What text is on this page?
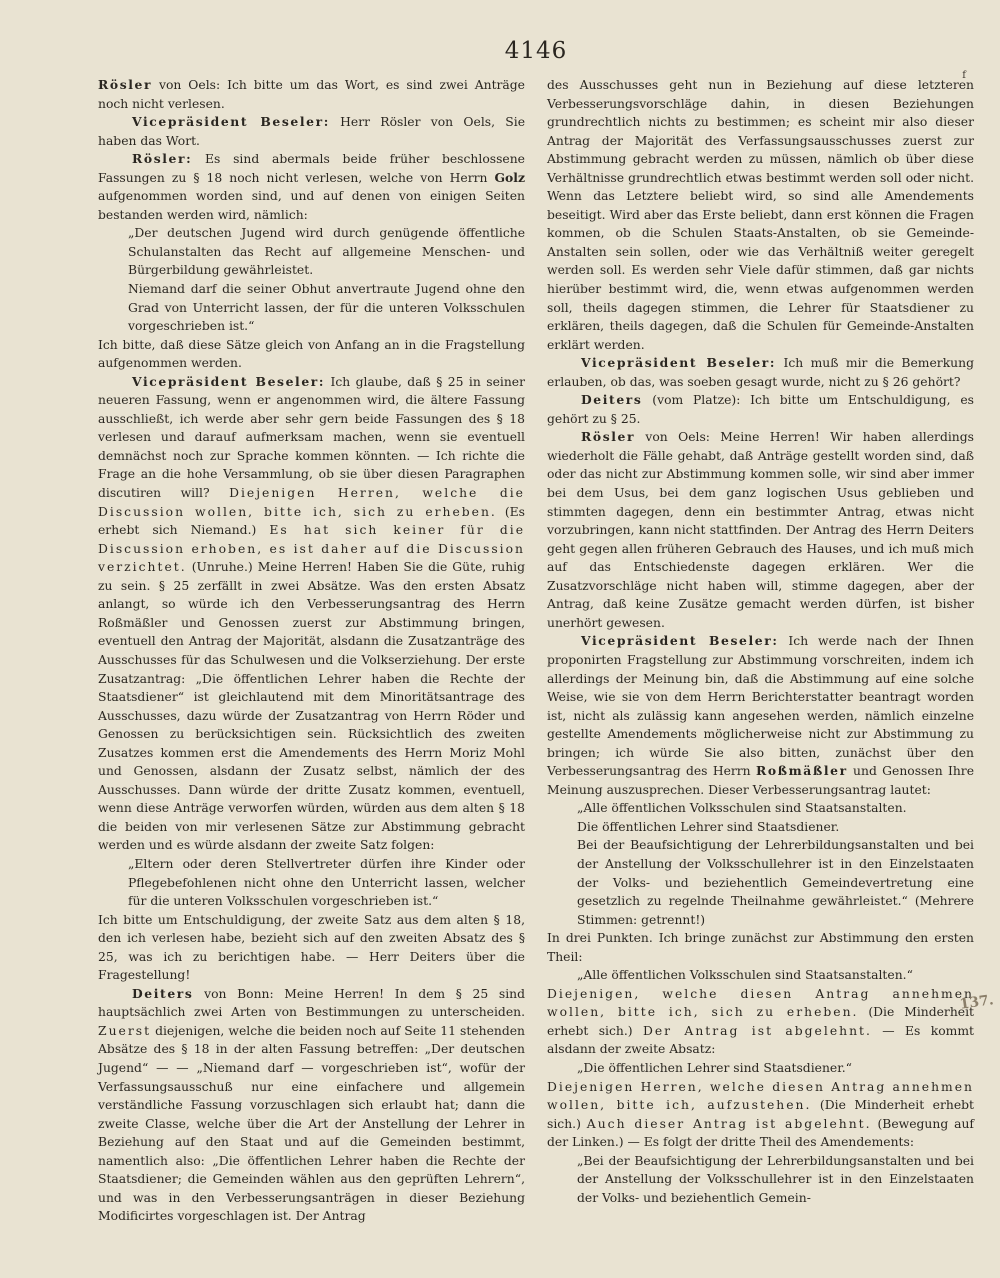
4146
f

Rösler von Oels: Ich bitte um das Wort, es sind zwei Anträge noch nicht verlesen.

Vicepräsident Beseler: Herr Rösler von Oels, Sie haben das Wort.

Rösler: Es sind abermals beide früher beschlossene Fassungen zu § 18 noch nicht verlesen, welche von Herrn Golz aufgenommen worden sind, und auf denen von einigen Seiten bestanden werden wird, nämlich:

„Der deutschen Jugend wird durch genügende öffentliche Schulanstalten das Recht auf allgemeine Menschen- und Bürgerbildung gewährleistet.

Niemand darf die seiner Obhut anvertraute Jugend ohne den Grad von Unterricht lassen, der für die unteren Volksschulen vorgeschrieben ist.“

Ich bitte, daß diese Sätze gleich von Anfang an in die Fragstellung aufgenommen werden.

Vicepräsident Beseler: Ich glaube, daß § 25 in seiner neueren Fassung, wenn er angenommen wird, die ältere Fassung ausschließt, ich werde aber sehr gern beide Fassungen des § 18 verlesen und darauf aufmerksam machen, wenn sie eventuell demnächst noch zur Sprache kommen könnten. — Ich richte die Frage an die hohe Versammlung, ob sie über diesen Paragraphen discutiren will? Diejenigen Herren, welche die Discussion wollen, bitte ich, sich zu erheben. (Es erhebt sich Niemand.) Es hat sich keiner für die Discussion erhoben, es ist daher auf die Discussion verzichtet. (Unruhe.) Meine Herren! Haben Sie die Güte, ruhig zu sein. § 25 zerfällt in zwei Absätze. Was den ersten Absatz anlangt, so würde ich den Verbesserungsantrag des Herrn Roßmäßler und Genossen zuerst zur Abstimmung bringen, eventuell den Antrag der Majorität, alsdann die Zusatzanträge des Ausschusses für das Schulwesen und die Volkserziehung. Der erste Zusatzantrag: „Die öffentlichen Lehrer haben die Rechte der Staatsdiener“ ist gleichlautend mit dem Minoritätsantrage des Ausschusses, dazu würde der Zusatzantrag von Herrn Röder und Genossen zu berücksichtigen sein. Rücksichtlich des zweiten Zusatzes kommen erst die Amendements des Herrn Moriz Mohl und Genossen, alsdann der Zusatz selbst, nämlich der des Ausschusses. Dann würde der dritte Zusatz kommen, eventuell, wenn diese Anträge verworfen würden, würden aus dem alten § 18 die beiden von mir verlesenen Sätze zur Abstimmung gebracht werden und es würde alsdann der zweite Satz folgen:

„Eltern oder deren Stellvertreter dürfen ihre Kinder oder Pflegebefohlenen nicht ohne den Unterricht lassen, welcher für die unteren Volksschulen vorgeschrieben ist.“

Ich bitte um Entschuldigung, der zweite Satz aus dem alten § 18, den ich verlesen habe, bezieht sich auf den zweiten Absatz des § 25, was ich zu berichtigen habe. — Herr Deiters über die Fragestellung!

Deiters von Bonn: Meine Herren! In dem § 25 sind hauptsächlich zwei Arten von Bestimmungen zu unterscheiden. Zuerst diejenigen, welche die beiden noch auf Seite 11 stehenden Absätze des § 18 in der alten Fassung betreffen: „Der deutschen Jugend“ — — „Niemand darf — vorgeschrieben ist“, wofür der Verfassungsausschuß nur eine einfachere und allgemein verständliche Fassung vorzuschlagen sich erlaubt hat; dann die zweite Classe, welche über die Art der Anstellung der Lehrer in Beziehung auf den Staat und auf die Gemeinden bestimmt, namentlich also: „Die öffentlichen Lehrer haben die Rechte der Staatsdiener; die Gemeinden wählen aus den geprüften Lehrern“, und was in den Verbesserungsanträgen in dieser Beziehung Modificirtes vorgeschlagen ist. Der Antrag

des Ausschusses geht nun in Beziehung auf diese letzteren Verbesserungsvorschläge dahin, in diesen Beziehungen grundrechtlich nichts zu bestimmen; es scheint mir also dieser Antrag der Majorität des Verfassungsausschusses zuerst zur Abstimmung gebracht werden zu müssen, nämlich ob über diese Verhältnisse grundrechtlich etwas bestimmt werden soll oder nicht. Wenn das Letztere beliebt wird, so sind alle Amendements beseitigt. Wird aber das Erste beliebt, dann erst können die Fragen kommen, ob die Schulen Staats-Anstalten, ob sie Gemeinde-Anstalten sein sollen, oder wie das Verhältniß weiter geregelt werden soll. Es werden sehr Viele dafür stimmen, daß gar nichts hierüber bestimmt wird, die, wenn etwas aufgenommen werden soll, theils dagegen stimmen, die Lehrer für Staatsdiener zu erklären, theils dagegen, daß die Schulen für Gemeinde-Anstalten erklärt werden.

Vicepräsident Beseler: Ich muß mir die Bemerkung erlauben, ob das, was soeben gesagt wurde, nicht zu § 26 gehört?

Deiters (vom Platze): Ich bitte um Entschuldigung, es gehört zu § 25.

Rösler von Oels: Meine Herren! Wir haben allerdings wiederholt die Fälle gehabt, daß Anträge gestellt worden sind, daß oder das nicht zur Abstimmung kommen solle, wir sind aber immer bei dem Usus, bei dem ganz logischen Usus geblieben und stimmten dagegen, denn ein bestimmter Antrag, etwas nicht vorzubringen, kann nicht stattfinden. Der Antrag des Herrn Deiters geht gegen allen früheren Gebrauch des Hauses, und ich muß mich auf das Entschiedenste dagegen erklären. Wer die Zusatzvorschläge nicht haben will, stimme dagegen, aber der Antrag, daß keine Zusätze gemacht werden dürfen, ist bisher unerhört gewesen.

Vicepräsident Beseler: Ich werde nach der Ihnen proponirten Fragstellung zur Abstimmung vorschreiten, indem ich allerdings der Meinung bin, daß die Abstimmung auf eine solche Weise, wie sie von dem Herrn Berichterstatter beantragt worden ist, nicht als zulässig kann angesehen werden, nämlich einzelne gestellte Amendements möglicherweise nicht zur Abstimmung zu bringen; ich würde Sie also bitten, zunächst über den Verbesserungsantrag des Herrn Roßmäßler und Genossen Ihre Meinung auszusprechen. Dieser Verbesserungsantrag lautet:

„Alle öffentlichen Volksschulen sind Staatsanstalten.

Die öffentlichen Lehrer sind Staatsdiener.

Bei der Beaufsichtigung der Lehrerbildungsanstalten und bei der Anstellung der Volksschullehrer ist in den Einzelstaaten der Volks- und beziehentlich Gemeindevertretung eine gesetzlich zu regelnde Theilnahme gewährleistet.“ (Mehrere Stimmen: getrennt!)

In drei Punkten. Ich bringe zunächst zur Abstimmung den ersten Theil:

„Alle öffentlichen Volksschulen sind Staatsanstalten.“

Diejenigen, welche diesen Antrag annehmen wollen, bitte ich, sich zu erheben. (Die Minderheit erhebt sich.) Der Antrag ist abgelehnt. — Es kommt alsdann der zweite Absatz:

„Die öffentlichen Lehrer sind Staatsdiener.“

Diejenigen Herren, welche diesen Antrag annehmen wollen, bitte ich, aufzustehen. (Die Minderheit erhebt sich.) Auch dieser Antrag ist abgelehnt. (Bewegung auf der Linken.) — Es folgt der dritte Theil des Amendements:

„Bei der Beaufsichtigung der Lehrerbildungsanstalten und bei der Anstellung der Volksschullehrer ist in den Einzelstaaten der Volks- und beziehentlich Gemein-

137.
